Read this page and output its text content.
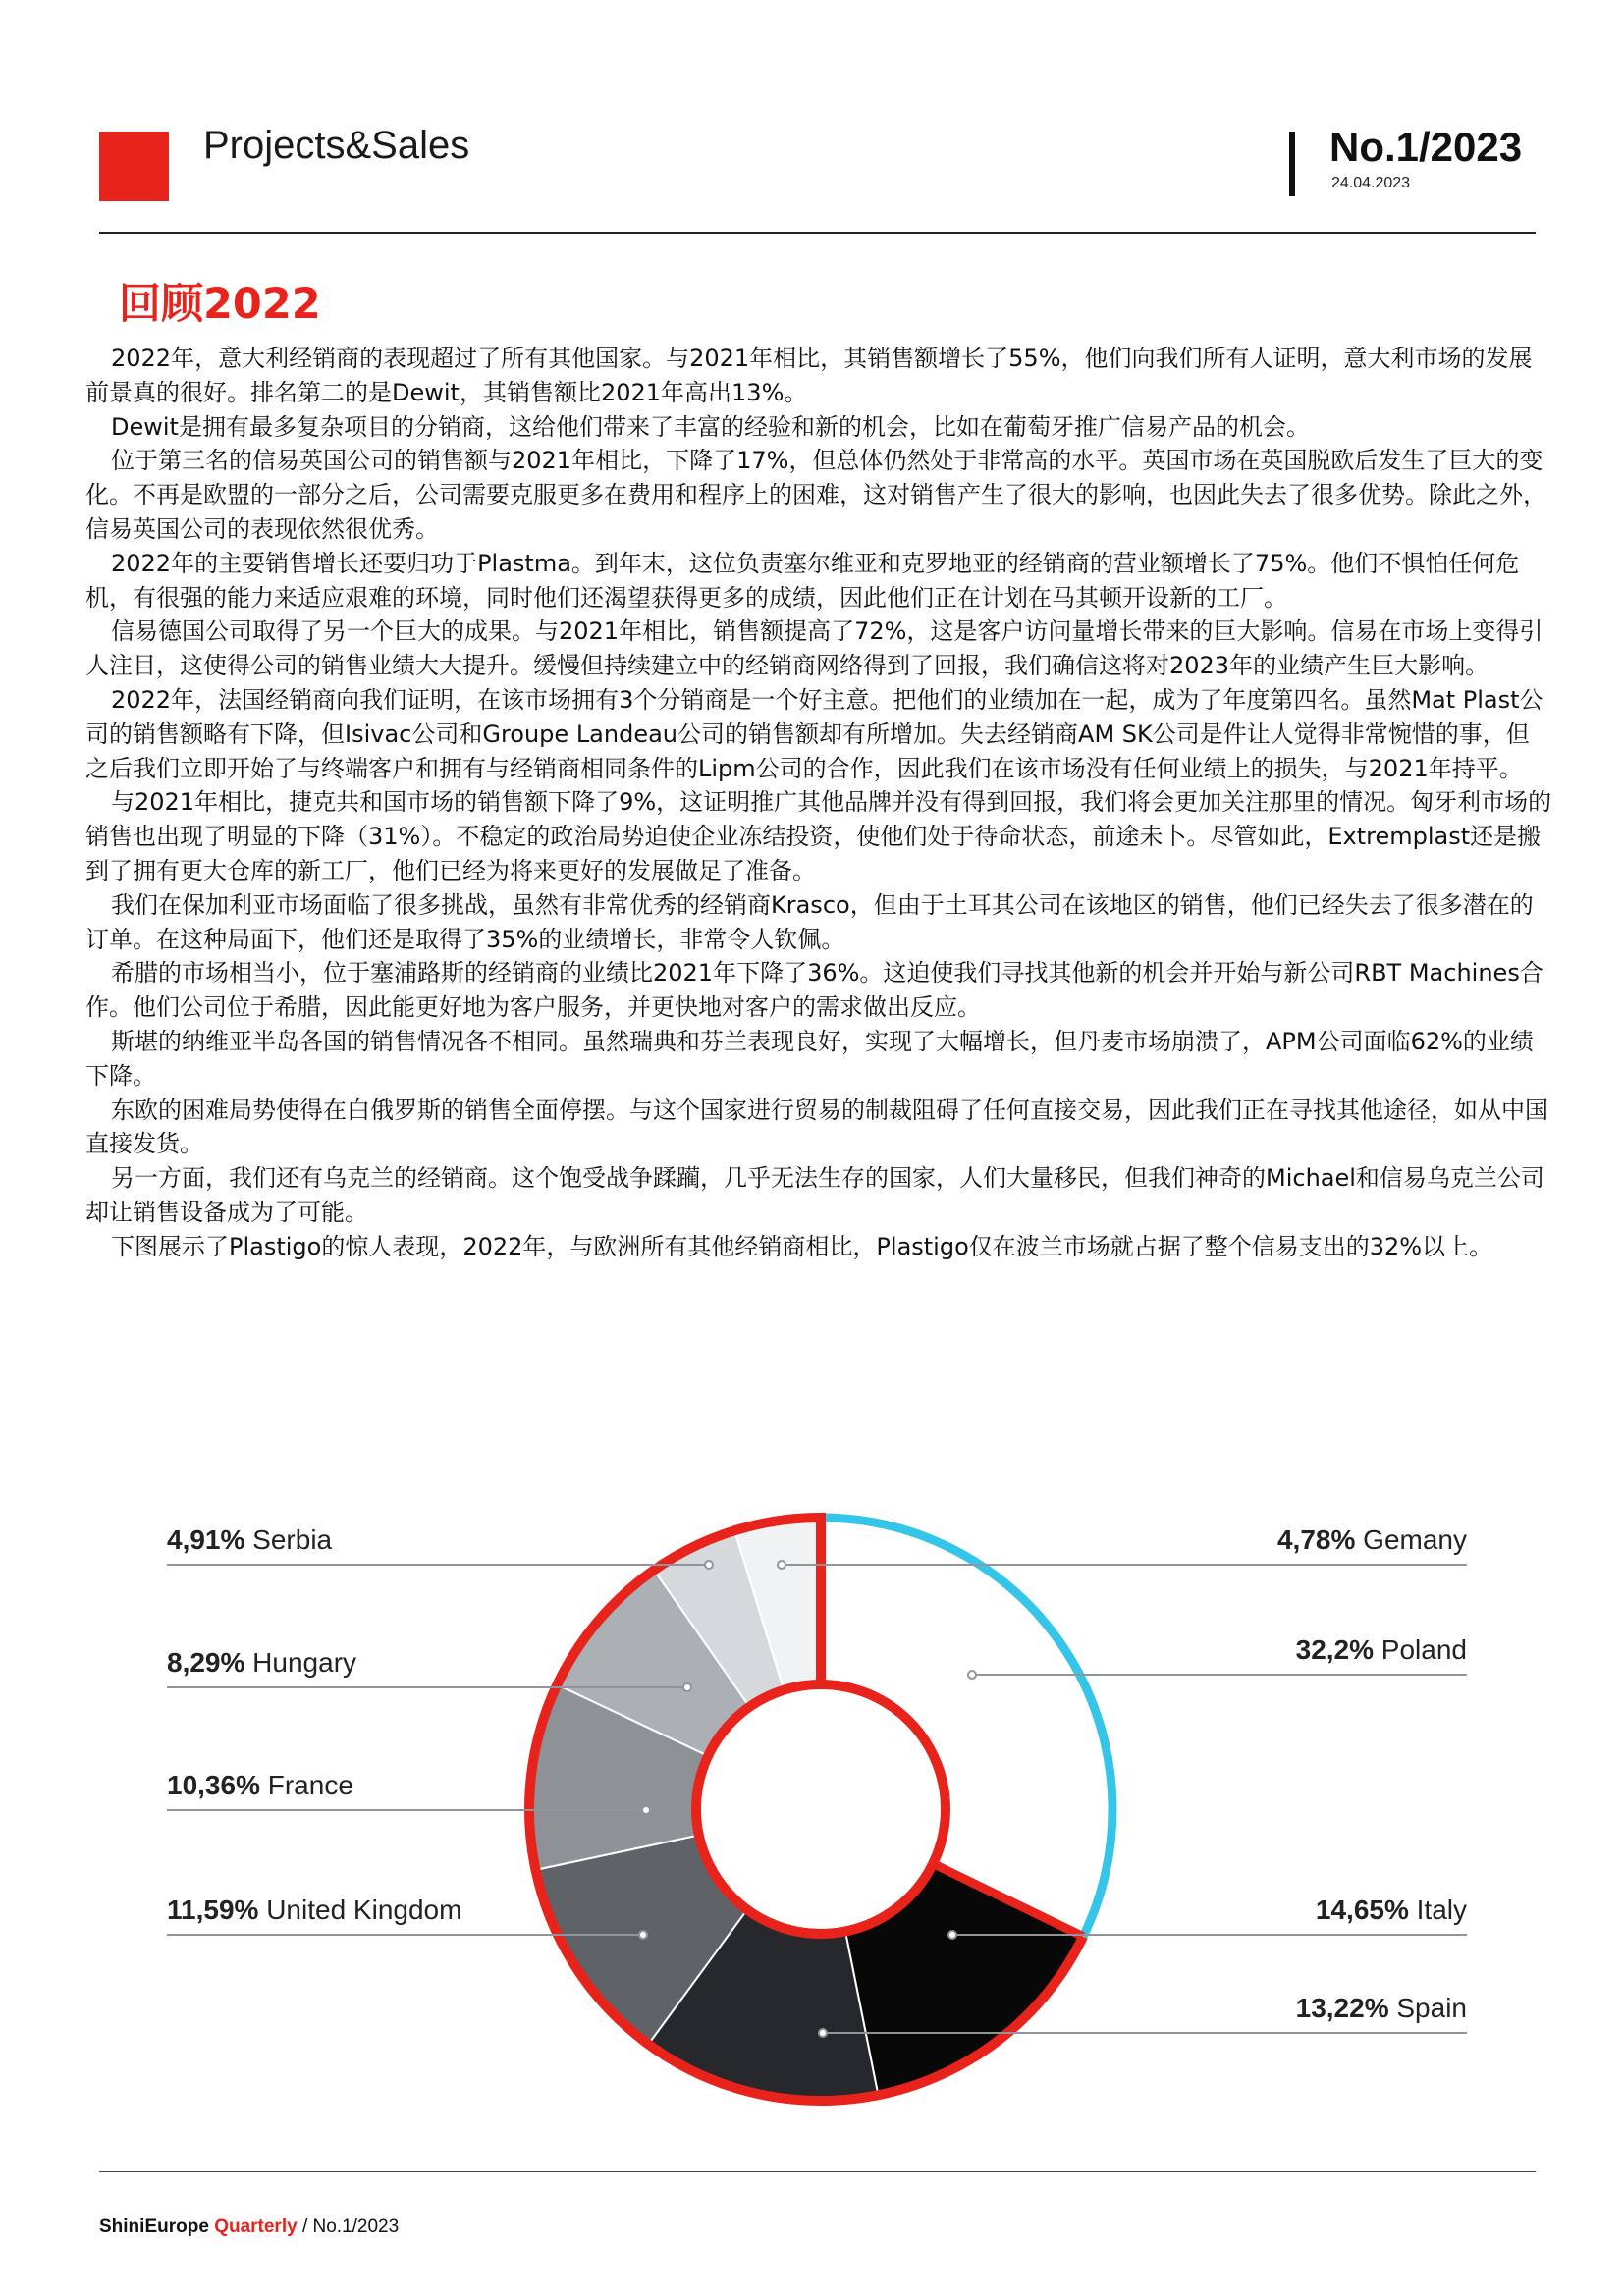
Projects&Sales	No.1/2023
24.04.2023
回顾2022

2022年，意大利经销商的表现超过了所有其他国家。与2021年相比，其销售额增长了55%，他们向我们所有人证明，意大利市场的发展前景真的很好。排名第二的是Dewit，其销售额比2021年高出13%。

Dewit是拥有最多复杂项目的分销商，这给他们带来了丰富的经验和新的机会，比如在葡萄牙推广信易产品的机会。

位于第三名的信易英国公司的销售额与2021年相比，下降了17%，但总体仍然处于非常高的水平。英国市场在英国脱欧后发生了巨大的变化。不再是欧盟的一部分之后，公司需要克服更多在费用和程序上的困难，这对销售产生了很大的影响，也因此失去了很多优势。除此之外，信易英国公司的表现依然很优秀。

2022年的主要销售增长还要归功于Plastma。到年末，这位负责塞尔维亚和克罗地亚的经销商的营业额增长了75%。他们不惧怕任何危机，有很强的能力来适应艰难的环境，同时他们还渴望获得更多的成绩，因此他们正在计划在马其顿开设新的工厂。

信易德国公司取得了另一个巨大的成果。与2021年相比，销售额提高了72%，这是客户访问量增长带来的巨大影响。信易在市场上变得引人注目，这使得公司的销售业绩大大提升。缓慢但持续建立中的经销商网络得到了回报，我们确信这将对2023年的业绩产生巨大影响。

2022年，法国经销商向我们证明，在该市场拥有3个分销商是一个好主意。把他们的业绩加在一起，成为了年度第四名。虽然Mat Plast公司的销售额略有下降，但Isivac公司和Groupe Landeau公司的销售额却有所增加。失去经销商AM SK公司是件让人觉得非常惋惜的事，但之后我们立即开始了与终端客户和拥有与经销商相同条件的Lipm公司的合作，因此我们在该市场没有任何业绩上的损失，与2021年持平。

与2021年相比，捷克共和国市场的销售额下降了9%，这证明推广其他品牌并没有得到回报，我们将会更加关注那里的情况。匈牙利市场的销售也出现了明显的下降（31%）。不稳定的政治局势迫使企业冻结投资，使他们处于待命状态，前途未卜。尽管如此，Extremplast还是搬到了拥有更大仓库的新工厂，他们已经为将来更好的发展做足了准备。

我们在保加利亚市场面临了很多挑战，虽然有非常优秀的经销商Krasco，但由于土耳其公司在该地区的销售，他们已经失去了很多潜在的订单。在这种局面下，他们还是取得了35%的业绩增长，非常令人钦佩。

希腊的市场相当小，位于塞浦路斯的经销商的业绩比2021年下降了36%。这迫使我们寻找其他新的机会并开始与新公司RBT Machines合作。他们公司位于希腊，因此能更好地为客户服务，并更快地对客户的需求做出反应。

斯堪的纳维亚半岛各国的销售情况各不相同。虽然瑞典和芬兰表现良好，实现了大幅增长，但丹麦市场崩溃了，APM公司面临62%的业绩下降。

东欧的困难局势使得在白俄罗斯的销售全面停摆。与这个国家进行贸易的制裁阻碍了任何直接交易，因此我们正在寻找其他途径，如从中国直接发货。

另一方面，我们还有乌克兰的经销商。这个饱受战争蹂躏，几乎无法生存的国家，人们大量移民，但我们神奇的Michael和信易乌克兰公司却让销售设备成为了可能。

下图展示了Plastigo的惊人表现，2022年，与欧洲所有其他经销商相比，Plastigo仅在波兰市场就占据了整个信易支出的32%以上。

32,2% Poland
14,65% Italy
13,22% Spain
11,59% United Kingdom
10,36% France
8,29% Hungary
4,91% Serbia	4,78% Gemany
ShiniEurope Quarterly / No.1/2023
